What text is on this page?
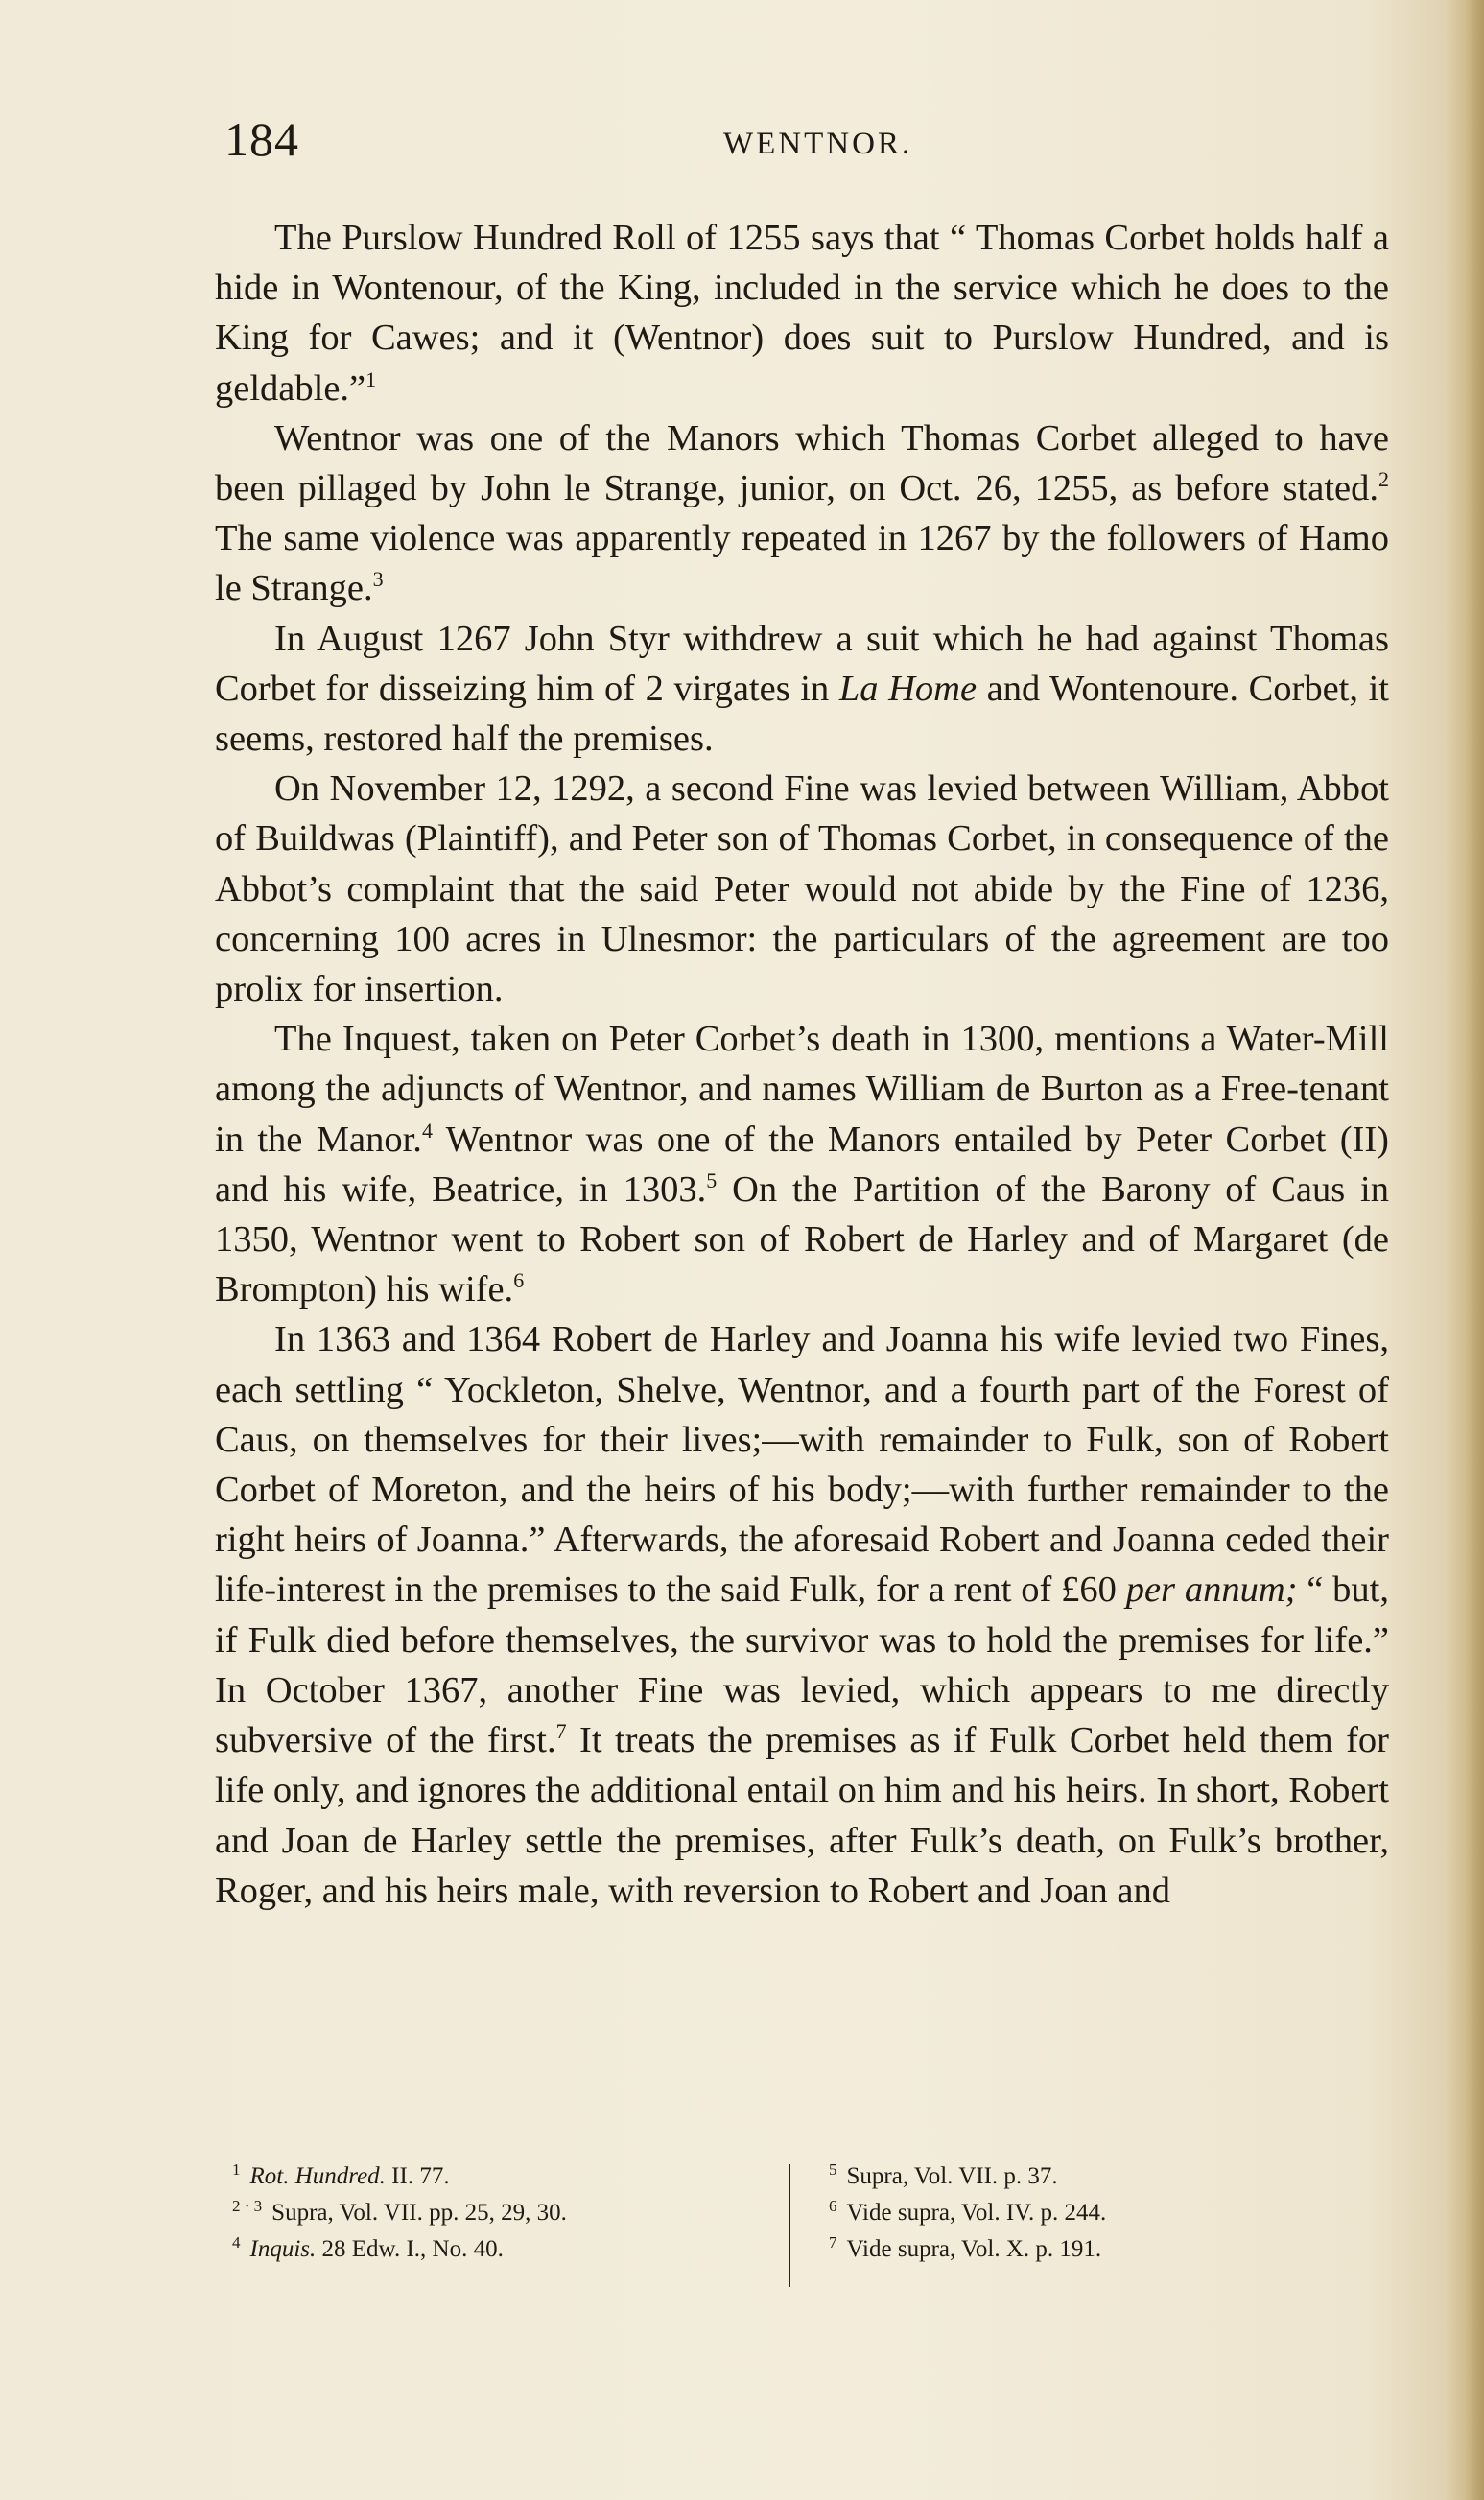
184	WENTNOR.

The Purslow Hundred Roll of 1255 says that “ Thomas Corbet holds half a hide in Wontenour, of the King, included in the service which he does to the King for Cawes; and it (Wentnor) does suit to Purslow Hundred, and is geldable.”$^1$

Wentnor was one of the Manors which Thomas Corbet alleged to have been pillaged by John le Strange, junior, on Oct. 26, 1255, as before stated.$^2$ The same violence was apparently repeated in 1267 by the followers of Hamo le Strange.$^3$

In August 1267 John Styr withdrew a suit which he had against Thomas Corbet for disseizing him of 2 virgates in La Home and Wontenoure. Corbet, it seems, restored half the premises.

On November 12, 1292, a second Fine was levied between William, Abbot of Buildwas (Plaintiff), and Peter son of Thomas Corbet, in consequence of the Abbot’s complaint that the said Peter would not abide by the Fine of 1236, concerning 100 acres in Ulnesmor: the particulars of the agreement are too prolix for insertion.

The Inquest, taken on Peter Corbet’s death in 1300, mentions a Water-Mill among the adjuncts of Wentnor, and names William de Burton as a Free-tenant in the Manor.$^4$ Wentnor was one of the Manors entailed by Peter Corbet (II) and his wife, Beatrice, in 1303.$^5$ On the Partition of the Barony of Caus in 1350, Wentnor went to Robert son of Robert de Harley and of Margaret (de Brompton) his wife.$^6$

In 1363 and 1364 Robert de Harley and Joanna his wife levied two Fines, each settling “ Yockleton, Shelve, Wentnor, and a fourth part of the Forest of Caus, on themselves for their lives;—with remainder to Fulk, son of Robert Corbet of Moreton, and the heirs of his body;—with further remainder to the right heirs of Joanna.” Afterwards, the aforesaid Robert and Joanna ceded their life-interest in the premises to the said Fulk, for a rent of £60 per annum; “ but, if Fulk died before themselves, the survivor was to hold the premises for life.” In October 1367, another Fine was levied, which appears to me directly subversive of the first.$^7$ It treats the premises as if Fulk Corbet held them for life only, and ignores the additional entail on him and his heirs. In short, Robert and Joan de Harley settle the premises, after Fulk’s death, on Fulk’s brother, Roger, and his heirs male, with reversion to Robert and Joan and

$^1$ Rot. Hundred. II. 77.
$^{2 \cdot 3}$ Supra, Vol. VII. pp. 25, 29, 30.
$^4$ Inquis. 28 Edw. I., No. 40.
$^5$ Supra, Vol. VII. p. 37.
$^6$ Vide supra, Vol. IV. p. 244.
$^7$ Vide supra, Vol. X. p. 191.
